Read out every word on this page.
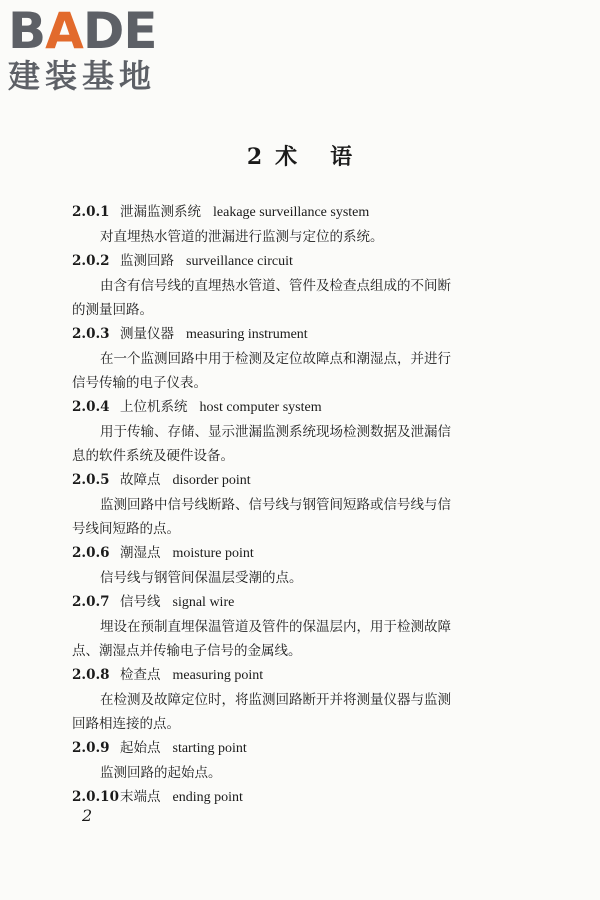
BADE
建装基地
2 术 语
2.0.1 泄漏监测系统 leakage surveillance system

对直埋热水管道的泄漏进行监测与定位的系统。

2.0.2 监测回路 surveillance circuit

由含有信号线的直埋热水管道、管件及检查点组成的不间断
的测量回路。

2.0.3 测量仪器 measuring instrument

在一个监测回路中用于检测及定位故障点和潮湿点，并进行
信号传输的电子仪表。

2.0.4 上位机系统 host computer system

用于传输、存储、显示泄漏监测系统现场检测数据及泄漏信
息的软件系统及硬件设备。

2.0.5 故障点 disorder point

监测回路中信号线断路、信号线与钢管间短路或信号线与信
号线间短路的点。

2.0.6 潮湿点 moisture point

信号线与钢管间保温层受潮的点。

2.0.7 信号线 signal wire

埋设在预制直埋保温管道及管件的保温层内，用于检测故障
点、潮湿点并传输电子信号的金属线。

2.0.8 检查点 measuring point

在检测及故障定位时，将监测回路断开并将测量仪器与监测
回路相连接的点。

2.0.9 起始点 starting point

监测回路的起始点。

2.0.10末端点 ending point
2
